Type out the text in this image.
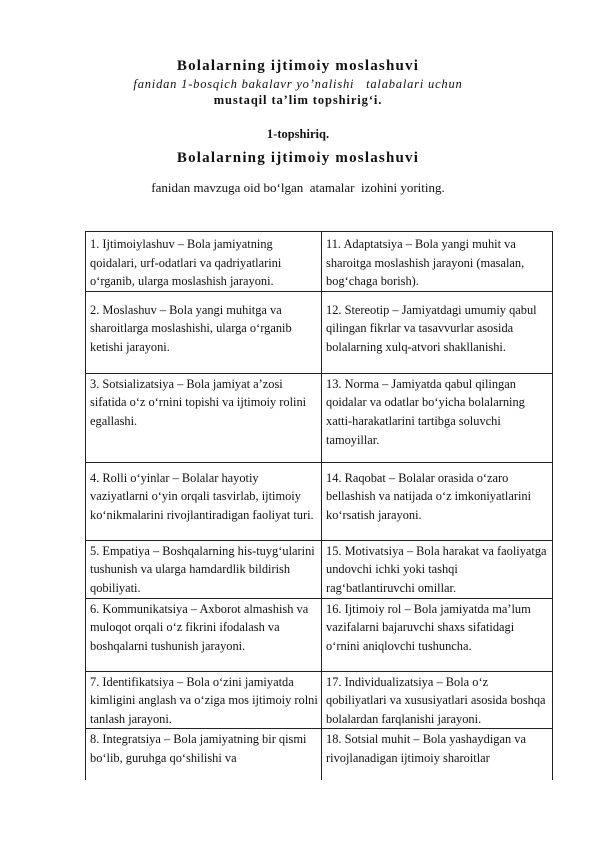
Bolalarning ijtimoiy moslashuvi
fanidan 1-bosqich bakalavr yo’nalishi   talabalari uchun
mustaqil ta’lim topshirig‘i.
1-topshiriq.
Bolalarning ijtimoiy moslashuvi
fanidan mavzuga oid bo‘lgan  atamalar  izohini yoriting.
1. Ijtimoiylashuv – Bola jamiyatning qoidalari, urf-odatlari va qadriyatlarini o‘rganib, ularga moslashish jarayoni.	11. Adaptatsiya – Bola yangi muhit va sharoitga moslashish jarayoni (masalan, bog‘chaga borish).
2. Moslashuv – Bola yangi muhitga va sharoitlarga moslashishi, ularga o‘rganib ketishi jarayoni.	12. Stereotip – Jamiyatdagi umumiy qabul qilingan fikrlar va tasavvurlar asosida bolalarning xulq-atvori shakllanishi.
3. Sotsializatsiya – Bola jamiyat a’zosi sifatida o‘z o‘rnini topishi va ijtimoiy rolini egallashi.	13. Norma – Jamiyatda qabul qilingan qoidalar va odatlar bo‘yicha bolalarning xatti-harakatlarini tartibga soluvchi tamoyillar.
4. Rolli o‘yinlar – Bolalar hayotiy vaziyatlarni o‘yin orqali tasvirlab, ijtimoiy ko‘nikmalarini rivojlantiradigan faoliyat turi.	14. Raqobat – Bolalar orasida o‘zaro bellashish va natijada o‘z imkoniyatlarini ko‘rsatish jarayoni.
5. Empatiya – Boshqalarning his-tuyg‘ularini tushunish va ularga hamdardlik bildirish qobiliyati.	15. Motivatsiya – Bola harakat va faoliyatga undovchi ichki yoki tashqi rag‘batlantiruvchi omillar.
6. Kommunikatsiya – Axborot almashish va muloqot orqali o‘z fikrini ifodalash va boshqalarni tushunish jarayoni.	16. Ijtimoiy rol – Bola jamiyatda ma’lum vazifalarni bajaruvchi shaxs sifatidagi o‘rnini aniqlovchi tushuncha.
7. Identifikatsiya – Bola o‘zini jamiyatda kimligini anglash va o‘ziga mos ijtimoiy rolni tanlash jarayoni.	17. Individualizatsiya – Bola o‘z qobiliyatlari va xususiyatlari asosida boshqa bolalardan farqlanishi jarayoni.
8. Integratsiya – Bola jamiyatning bir qismi bo‘lib, guruhga qo‘shilishi va	18. Sotsial muhit – Bola yashaydigan va rivojlanadigan ijtimoiy sharoitlar
